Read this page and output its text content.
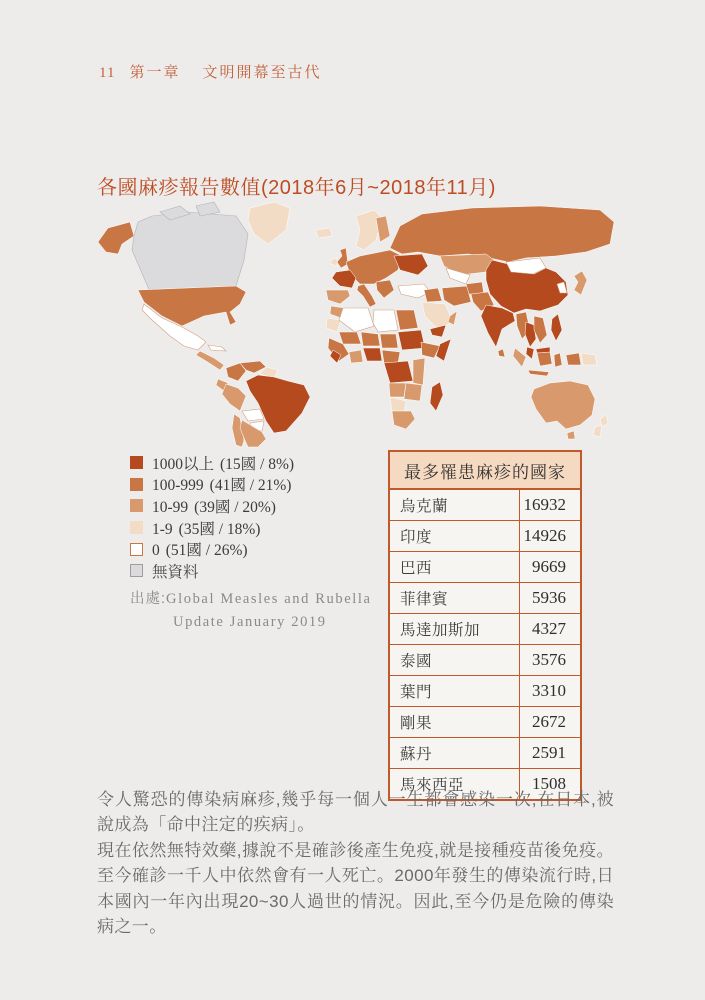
11 第一章 文明開幕至古代
各國麻疹報告數值(2018年6月~2018年11月)
1000以上 (15國 / 8%)
100-999 (41國 / 21%)
10-99 (39國 / 20%)
1-9 (35國 / 18%)
0 (51國 / 26%)
無資料
出處:Global Measles and Rubella
Update January 2019
最多罹患麻疹的國家	
烏克蘭	16932
印度	14926
巴西	9669
菲律賓	5936
馬達加斯加	4327
泰國	3576
葉門	3310
剛果	2672
蘇丹	2591
馬來西亞	1508

令人驚恐的傳染病麻疹,幾乎每一個人一生都會感染一次,在日本,被說成為「命中注定的疾病」。

現在依然無特效藥,據說不是確診後產生免疫,就是接種疫苗後免疫。至今確診一千人中依然會有一人死亡。2000年發生的傳染流行時,日本國內一年內出現20~30人過世的情況。因此,至今仍是危險的傳染病之一。
